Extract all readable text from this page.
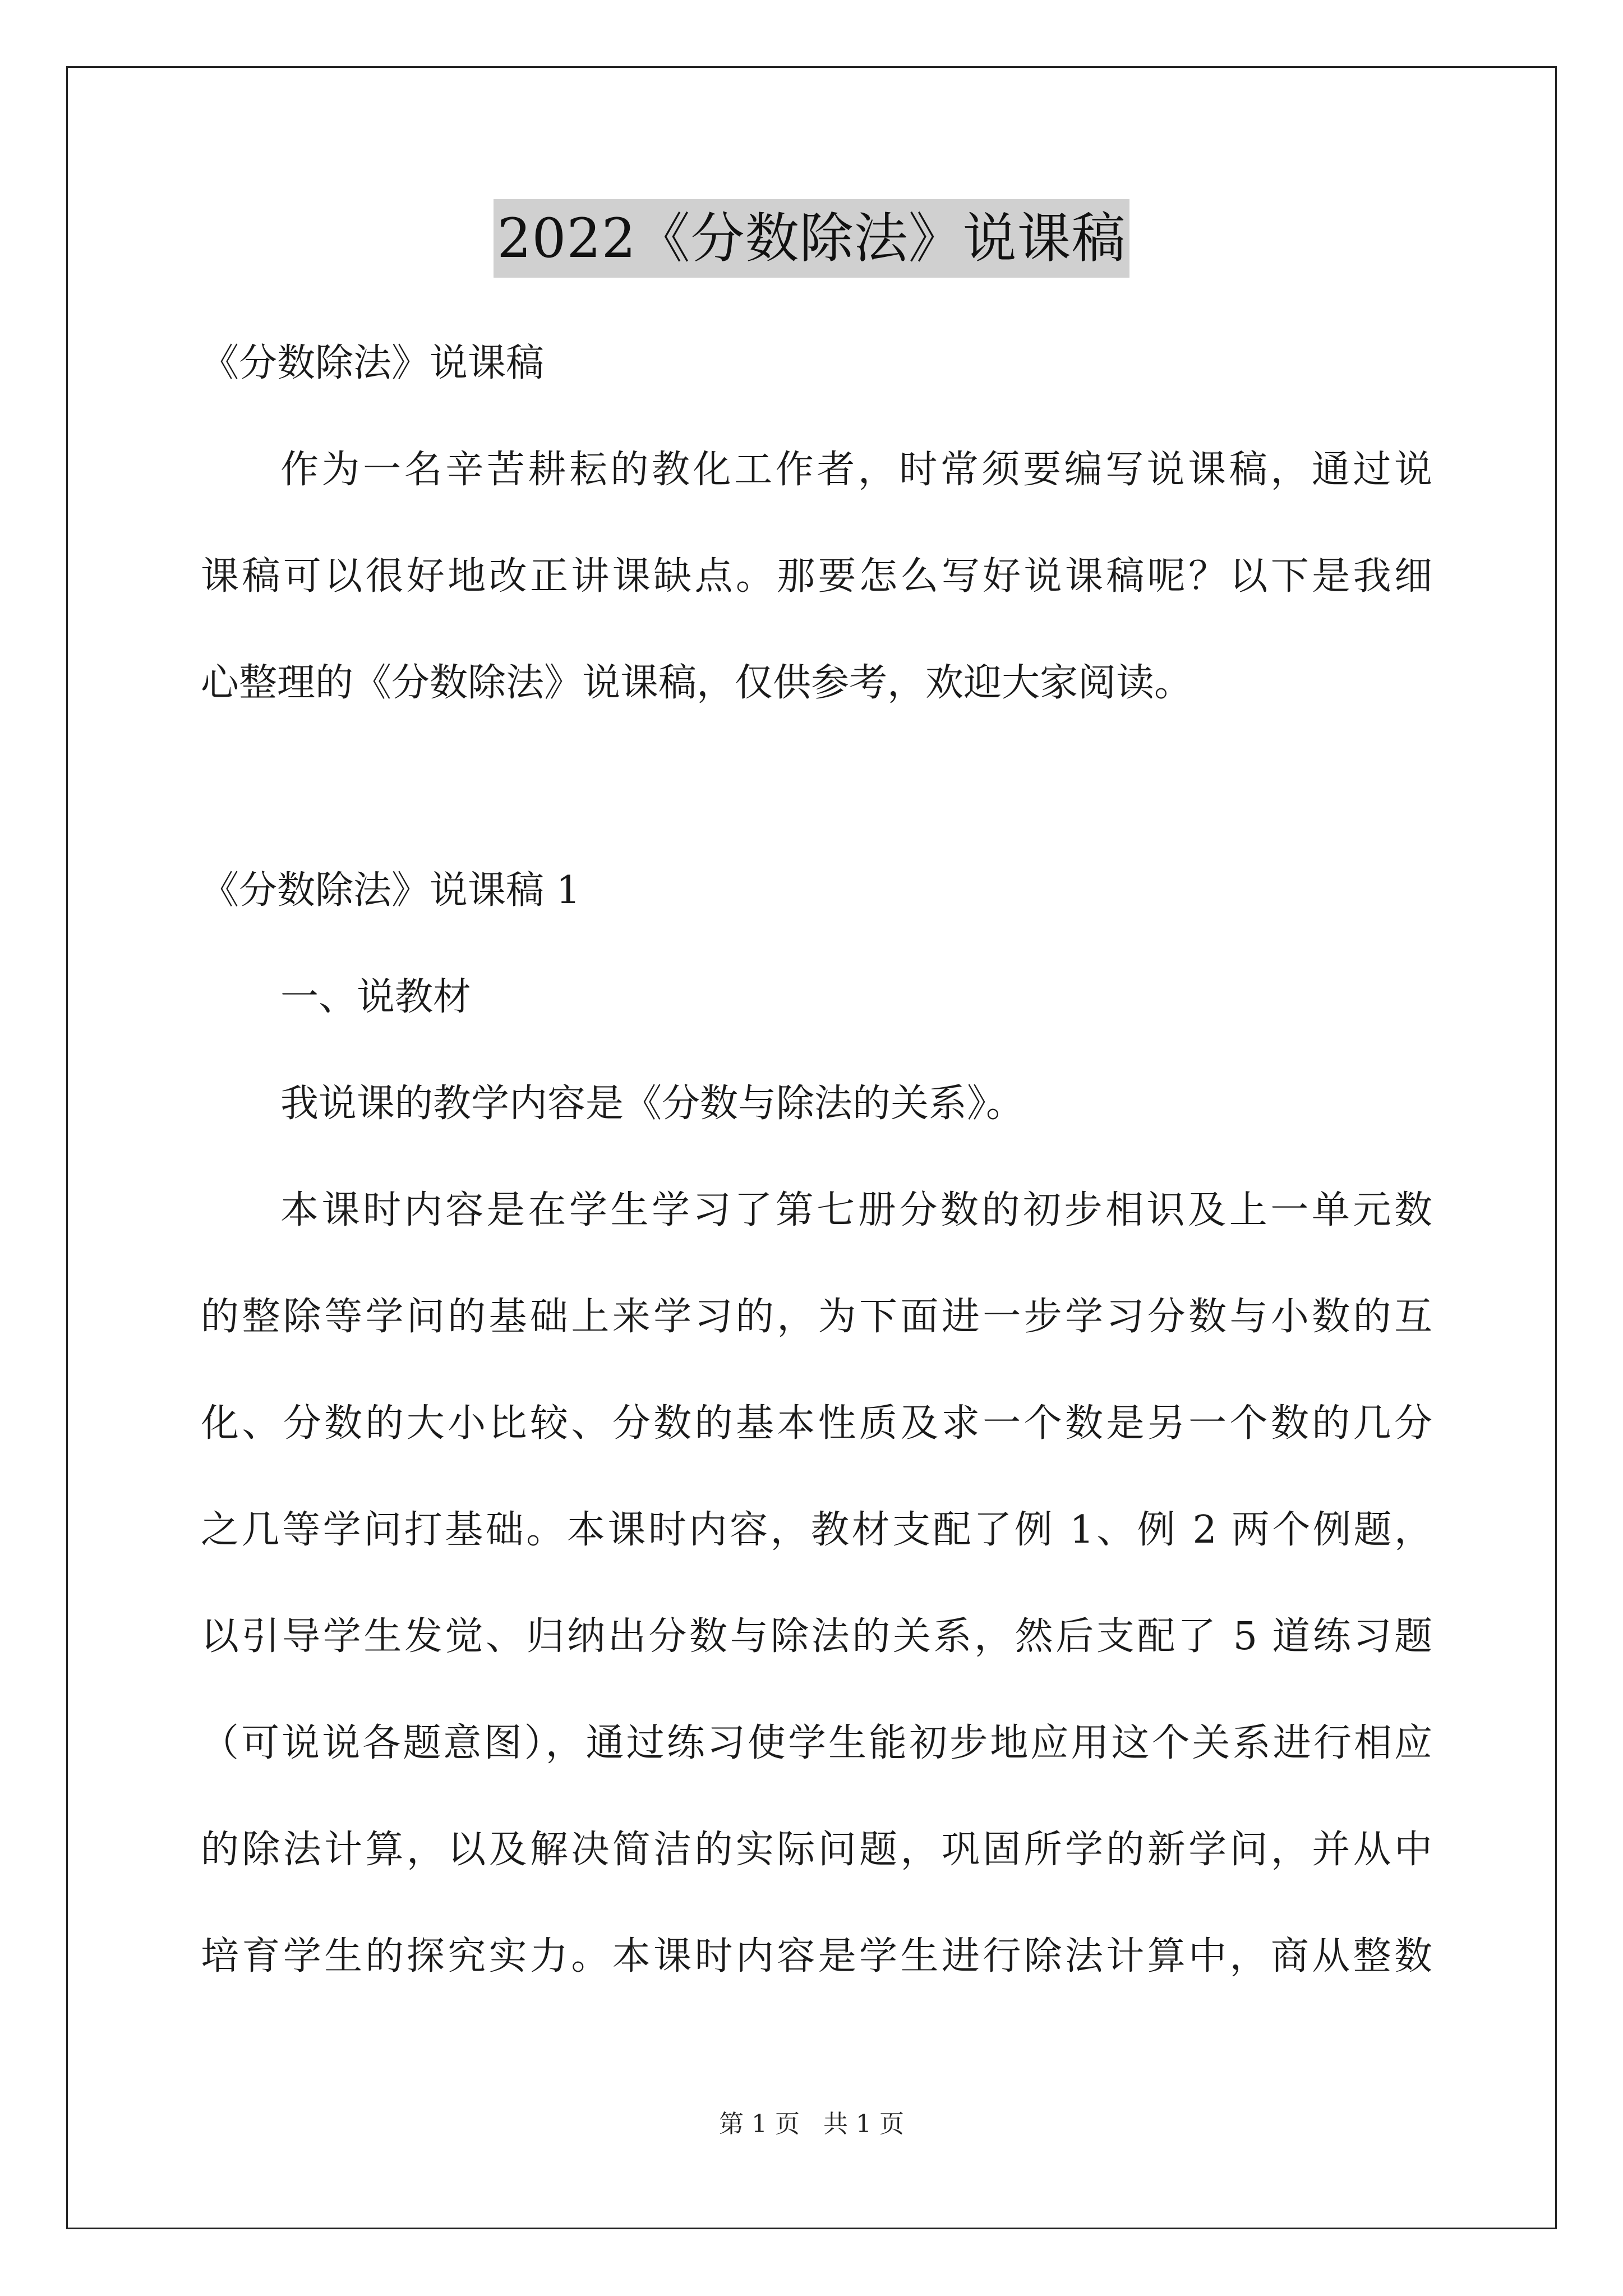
2022《分数除法》说课稿

《分数除法》说课稿

作为一名辛苦耕耘的教化工作者，时常须要编写说课稿，通过说

课稿可以很好地改正讲课缺点。那要怎么写好说课稿呢？以下是我细

心整理的《分数除法》说课稿，仅供参考，欢迎大家阅读。

《分数除法》说课稿 1

一、说教材

我说课的教学内容是《分数与除法的关系》。

本课时内容是在学生学习了第七册分数的初步相识及上一单元数

的整除等学问的基础上来学习的，为下面进一步学习分数与小数的互

化、分数的大小比较、分数的基本性质及求一个数是另一个数的几分

之几等学问打基础。本课时内容，教材支配了例 1、例 2 两个例题，

以引导学生发觉、归纳出分数与除法的关系，然后支配了 5 道练习题

（可说说各题意图），通过练习使学生能初步地应用这个关系进行相应

的除法计算，以及解决简洁的实际问题，巩固所学的新学问，并从中

培育学生的探究实力。本课时内容是学生进行除法计算中，商从整数

第 1 页 共 1 页
